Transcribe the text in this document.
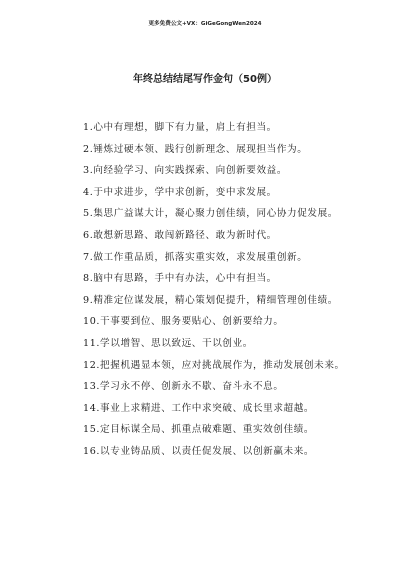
更多免费公文+VX：GiGeGongWen2024
年终总结结尾写作金句（50例）
1.心中有理想，脚下有力量，肩上有担当。
2.锤炼过硬本领、践行创新理念、展现担当作为。
3.向经验学习、向实践探索、向创新要效益。
4.于中求进步，学中求创新，变中求发展。
5.集思广益谋大计，凝心聚力创佳绩，同心协力促发展。
6.敢想新思路、敢闯新路径、敢为新时代。
7.做工作重品质，抓落实重实效，求发展重创新。
8.脑中有思路，手中有办法，心中有担当。
9.精准定位谋发展，精心策划促提升，精细管理创佳绩。
10.干事要到位、服务要贴心、创新要给力。
11.学以增智、思以致远、干以创业。
12.把握机遇显本领，应对挑战展作为，推动发展创未来。
13.学习永不停、创新永不歇、奋斗永不息。
14.事业上求精进、工作中求突破、成长里求超越。
15.定目标谋全局、抓重点破难题、重实效创佳绩。
16.以专业铸品质、以责任促发展、以创新赢未来。
